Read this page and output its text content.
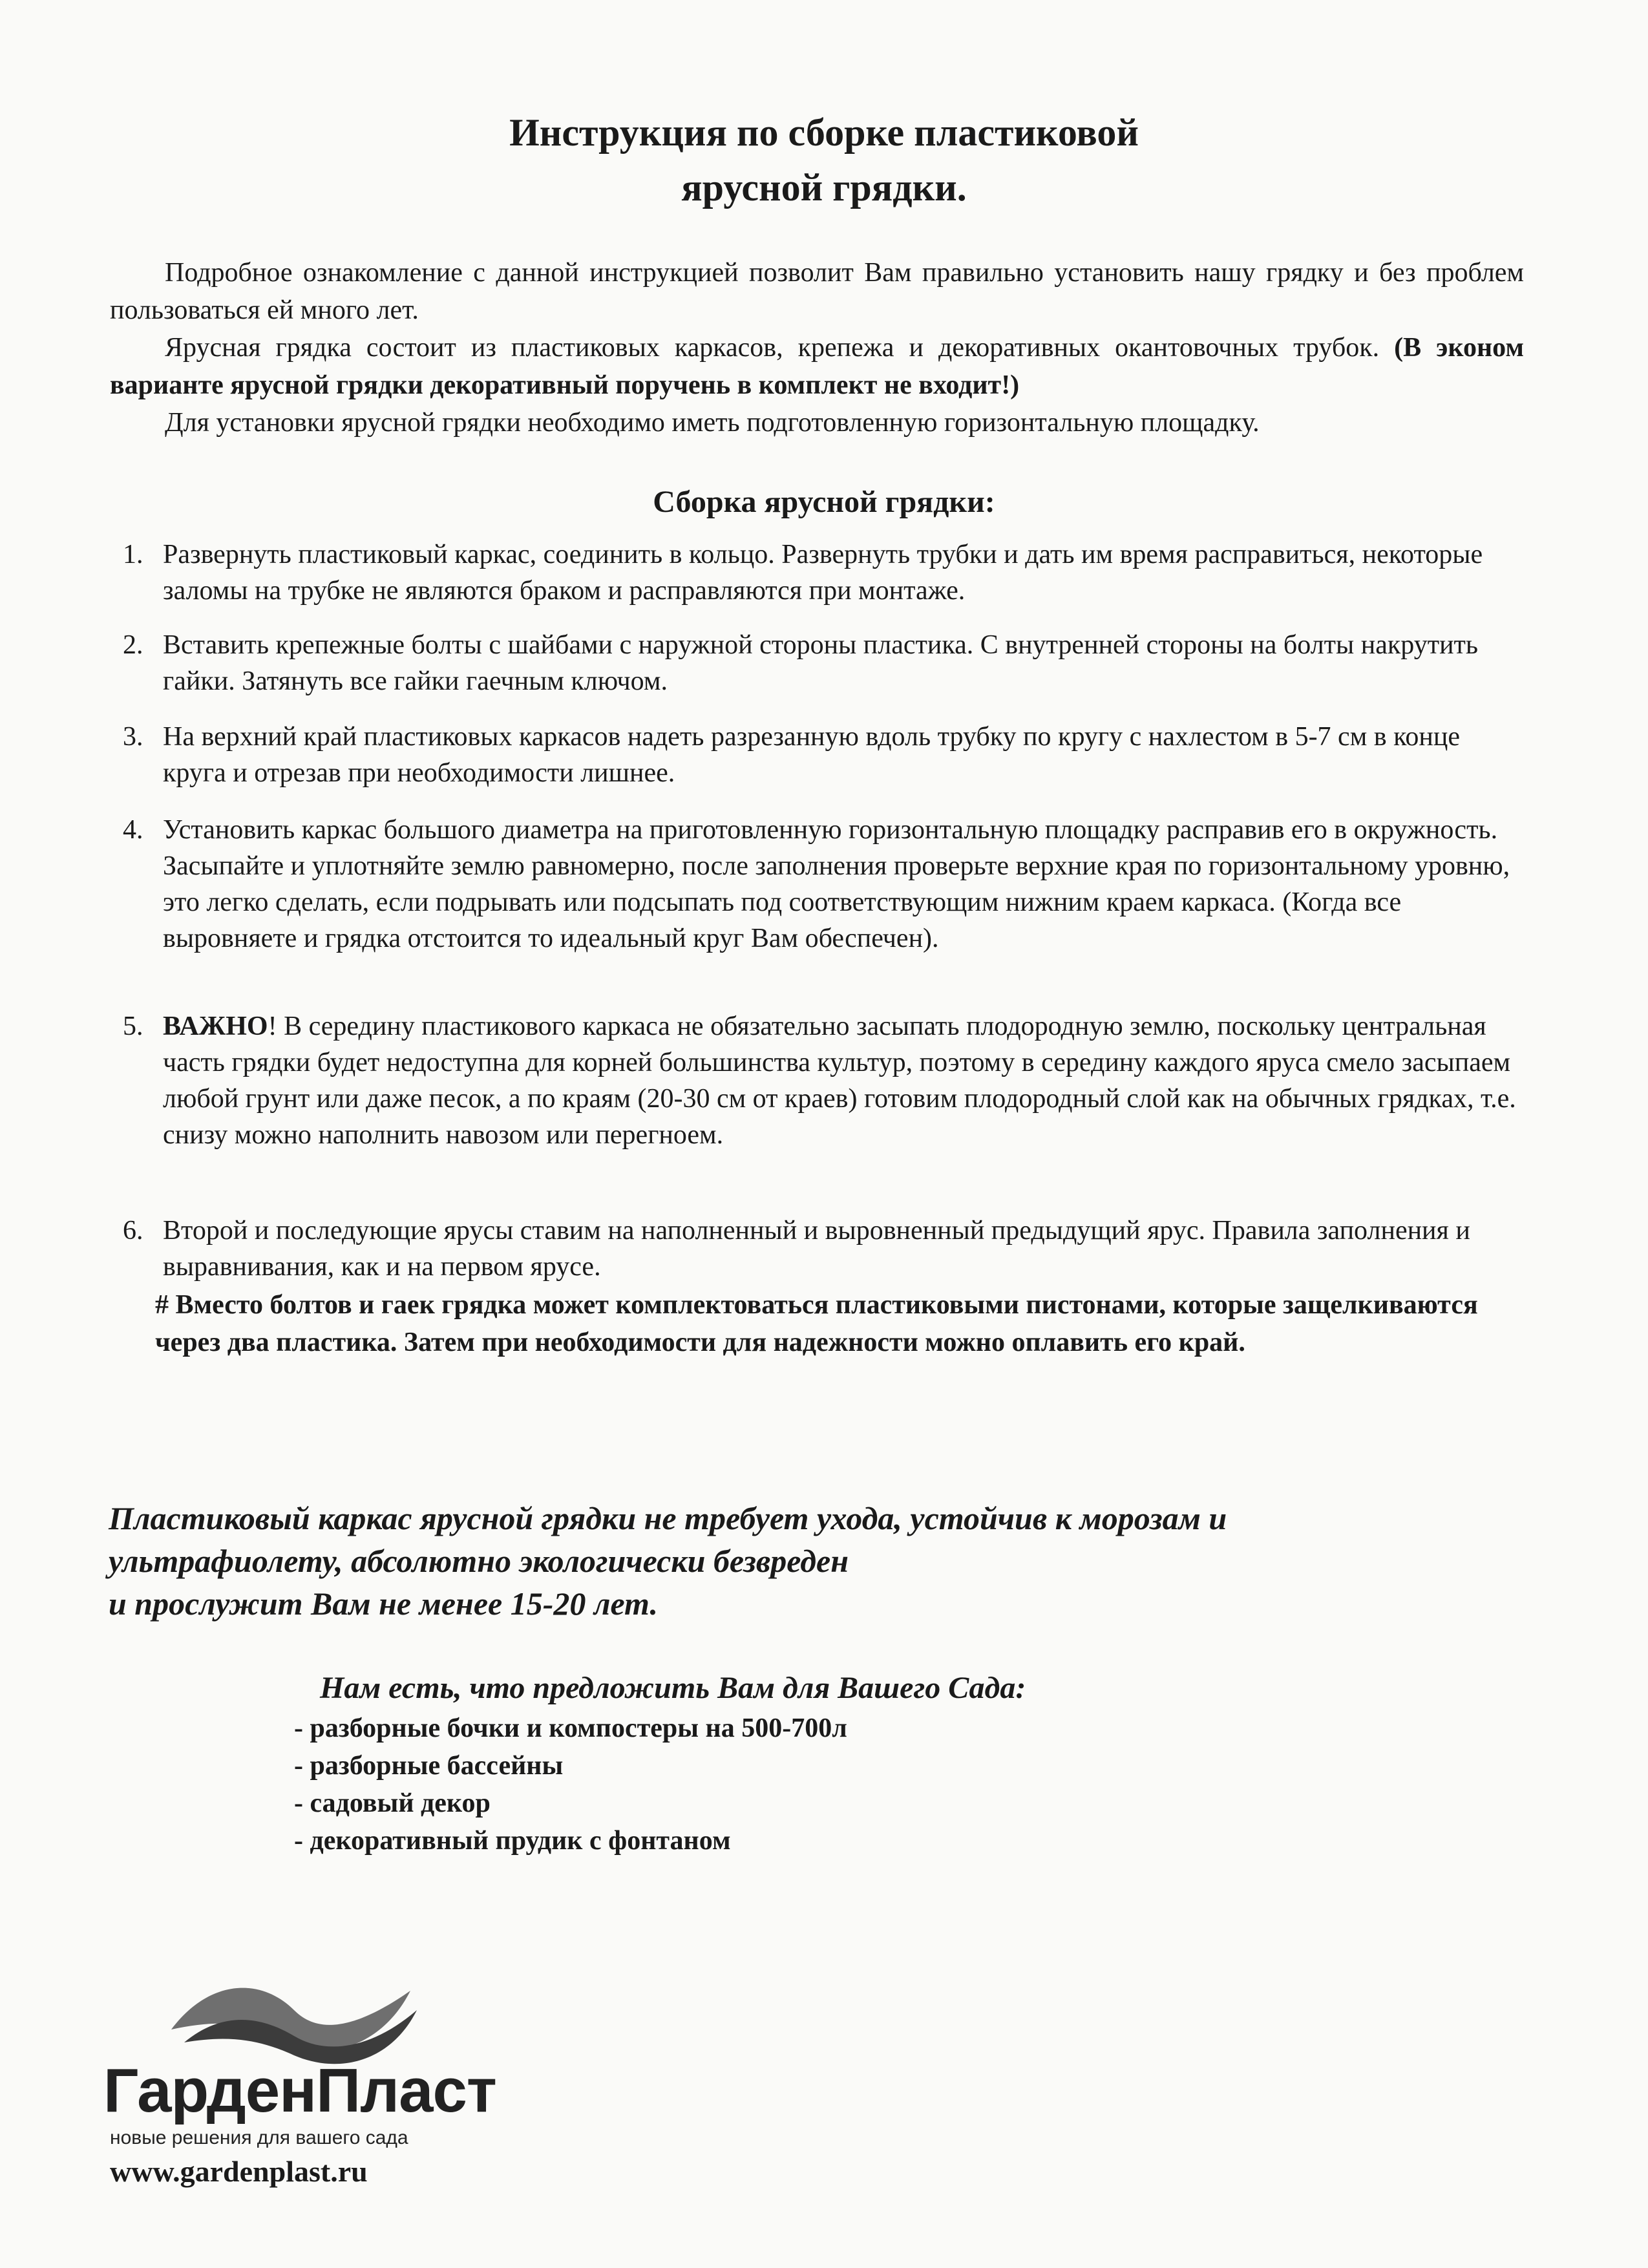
Инструкция по сборке пластиковой
ярусной грядки.

Подробное ознакомление с данной инструкцией позволит Вам правильно установить нашу грядку и без проблем пользоваться ей много лет.

Ярусная грядка состоит из пластиковых каркасов, крепежа и декоративных окантовочных трубок. (В эконом варианте ярусной грядки декоративный поручень в комплект не входит!)

Для установки ярусной грядки необходимо иметь подготовленную горизонтальную площадку.

Сборка ярусной грядки:
1. Развернуть пластиковый каркас, соединить в кольцо. Развернуть трубки и дать им время расправиться, некоторые заломы на трубке не являются браком и расправляются при монтаже.
2. Вставить крепежные болты с шайбами с наружной стороны пластика. С внутренней стороны на болты накрутить гайки. Затянуть все гайки гаечным ключом.
3. На верхний край пластиковых каркасов надеть разрезанную вдоль трубку по кругу с нахлестом в 5-7 см в конце круга и отрезав при необходимости лишнее.
4. Установить каркас большого диаметра на приготовленную горизонтальную площадку расправив его в окружность. Засыпайте и уплотняйте землю равномерно, после заполнения проверьте верхние края по горизонтальному уровню, это легко сделать, если подрывать или подсыпать под соответствующим нижним краем каркаса. (Когда все выровняете и грядка отстоится то идеальный круг Вам обеспечен).
5. ВАЖНО! В середину пластикового каркаса не обязательно засыпать плодородную землю, поскольку центральная часть грядки будет недоступна для корней большинства культур, поэтому в середину каждого яруса смело засыпаем любой грунт или даже песок, а по краям (20-30 см от краев) готовим плодородный слой как на обычных грядках, т.е. снизу можно наполнить навозом или перегноем.
6. Второй и последующие ярусы ставим на наполненный и выровненный предыдущий ярус. Правила заполнения и выравнивания, как и на первом ярусе.
# Вместо болтов и гаек грядка может комплектоваться пластиковыми пистонами, которые защелкиваются через два пластика. Затем при необходимости для надежности можно оплавить его край.
Пластиковый каркас ярусной грядки не требует ухода, устойчив к морозам и
ультрафиолету, абсолютно экологически безвреден
и прослужит Вам не менее 15-20 лет.
Нам есть, что предложить Вам для Вашего Сада:
- разборные бочки и компостеры на 500-700л
- разборные бассейны
- садовый декор
- декоративный прудик с фонтаном
ГарденПласт
новые решения для вашего сада
www.gardenplast.ru
